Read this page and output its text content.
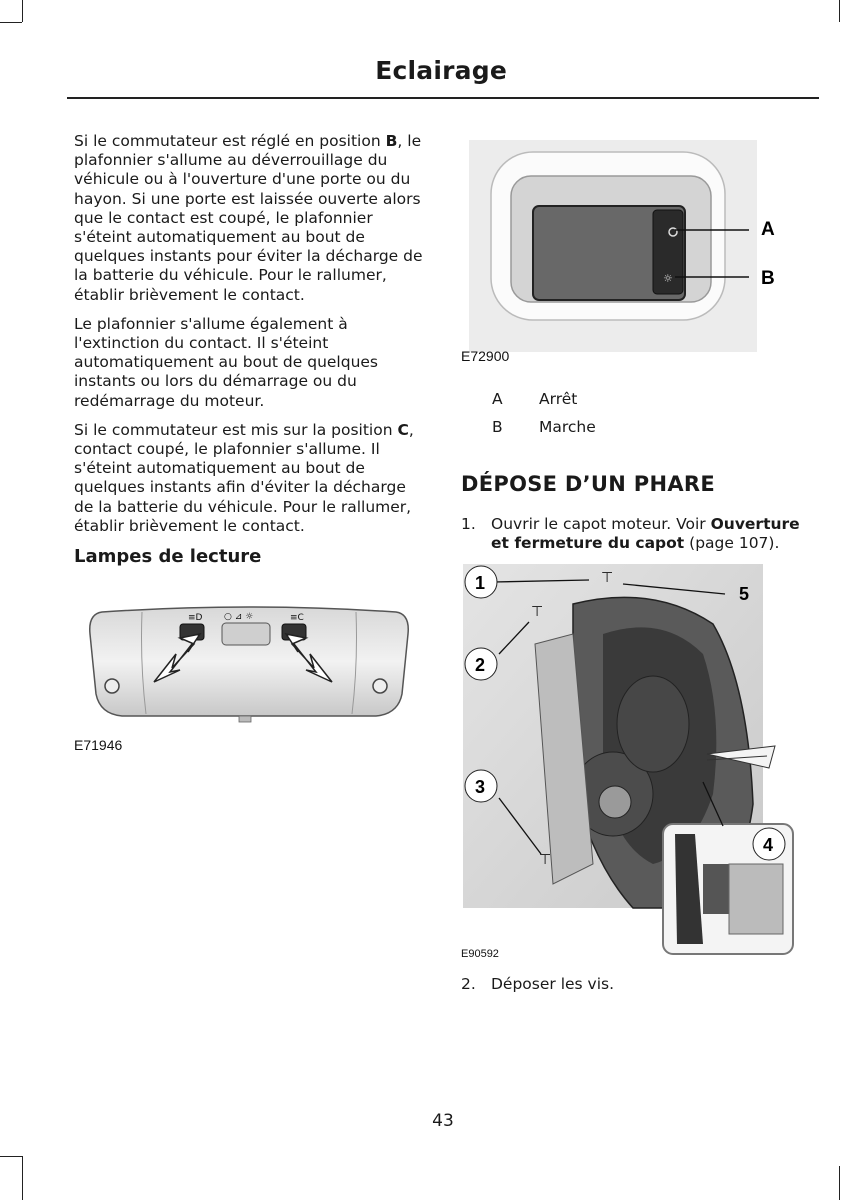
Eclairage

Si le commutateur est réglé en position B, le plafonnier s'allume au déverrouillage du véhicule ou à l'ouverture d'une porte ou du hayon. Si une porte est laissée ouverte alors que le contact est coupé, le plafonnier s'éteint automatiquement au bout de quelques instants pour éviter la décharge de la batterie du véhicule. Pour le rallumer, établir brièvement le contact.

Le plafonnier s'allume également à l'extinction du contact. Il s'éteint automatiquement au bout de quelques instants ou lors du démarrage ou du redémarrage du moteur.

Si le commutateur est mis sur la position C, contact coupé, le plafonnier s'allume. Il s'éteint automatiquement au bout de quelques instants afin d'éviter la décharge de la batterie du véhicule. Pour le rallumer, établir brièvement le contact.

Lampes de lecture
≡D ○ ⊿ ☼	≡C
E71946
☼
A
B
E72900
A Arrêt
B Marche
DÉPOSE D’UN PHARE
1. Ouvrir le capot moteur. Voir Ouverture et fermeture du capot (page 107).
⊤
⊤
⊤
1
2
3
4
5
E90592
2. Déposer les vis.
43
